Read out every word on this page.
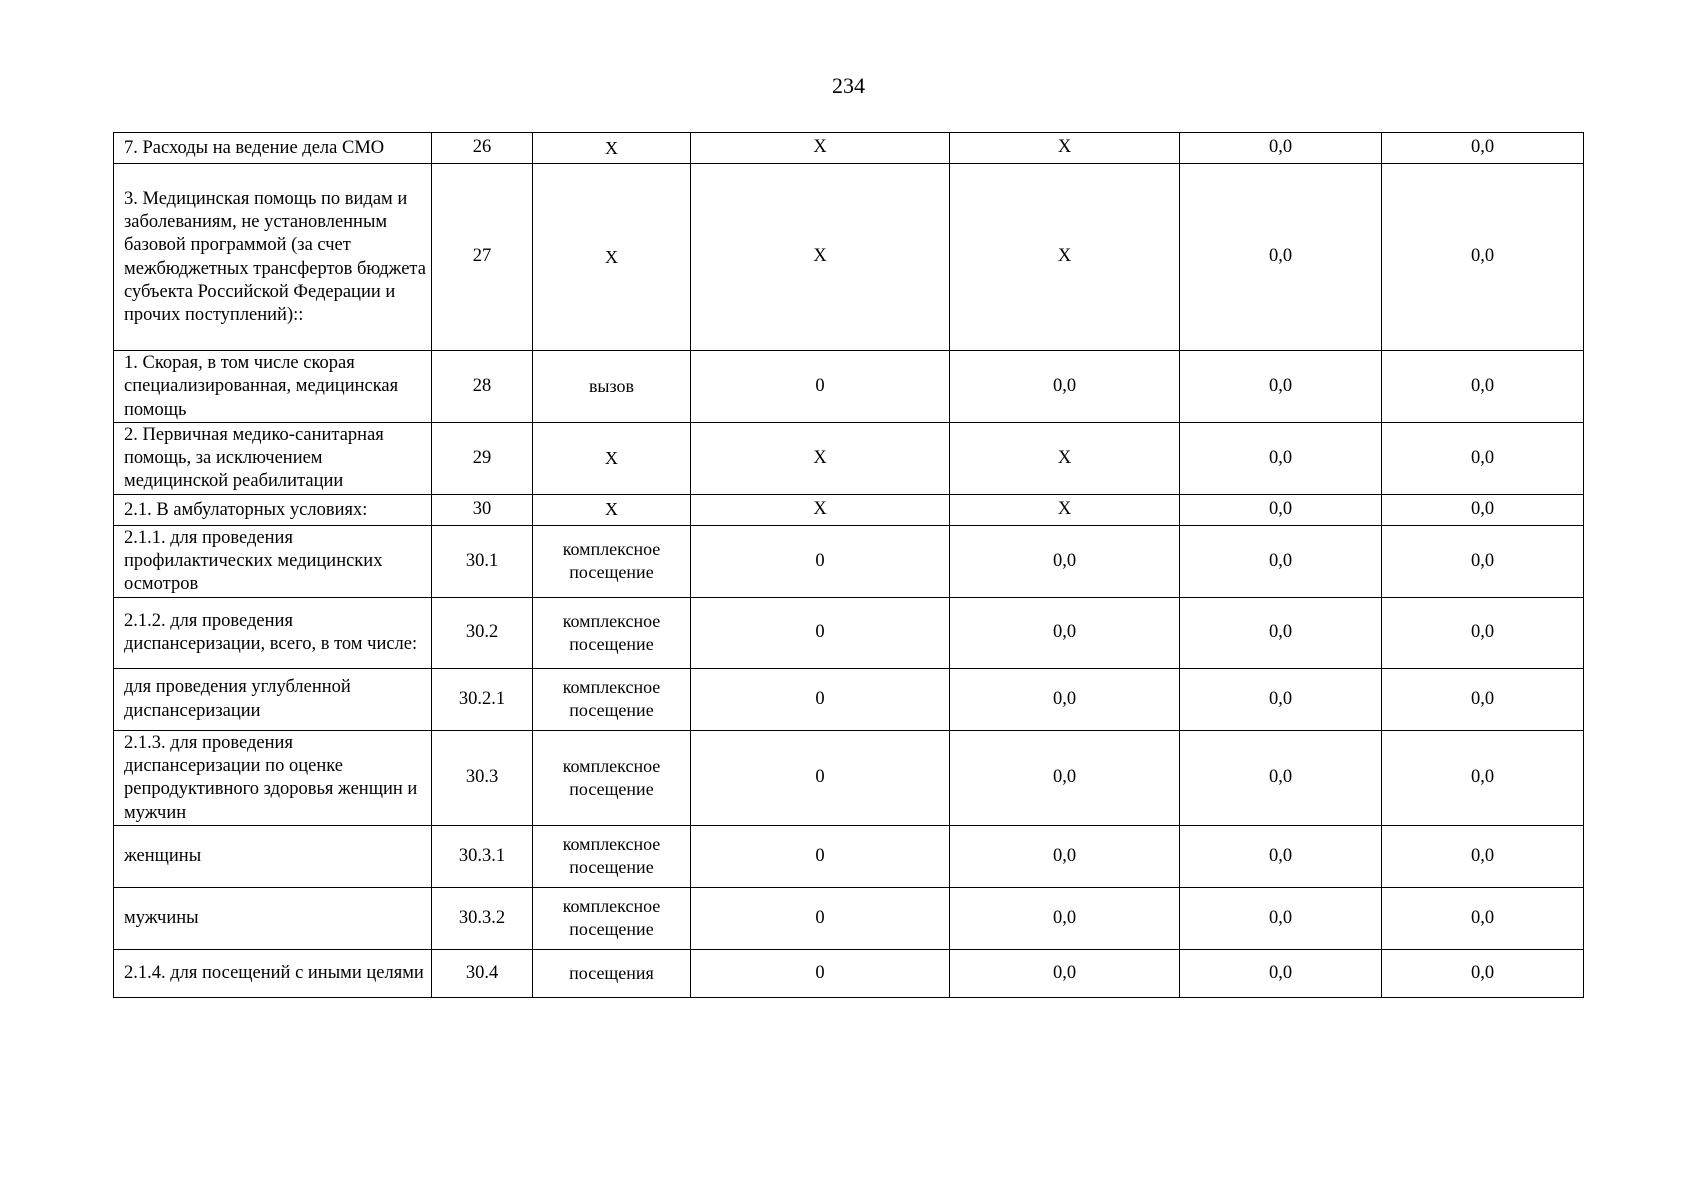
234
7. Расходы на ведение дела СМО	26	X	X	X	0,0	0,0
3. Медицинская помощь по видам и заболеваниям, не установленным базовой программой (за счет межбюджетных трансфертов бюджета субъекта Российской Федерации и прочих поступлений)::	27	X	X	X	0,0	0,0
1. Скорая, в том числе скорая специализированная, медицинская помощь	28	вызов	0	0,0	0,0	0,0
2. Первичная медико-санитарная помощь, за исключением медицинской реабилитации	29	X	X	X	0,0	0,0
2.1. В амбулаторных условиях:	30	X	X	X	0,0	0,0
2.1.1. для проведения профилактических медицинских осмотров	30.1	комплексное посещение	0	0,0	0,0	0,0
2.1.2. для проведения диспансеризации, всего, в том числе:	30.2	комплексное посещение	0	0,0	0,0	0,0
для проведения углубленной диспансеризации	30.2.1	комплексное посещение	0	0,0	0,0	0,0
2.1.3. для проведения диспансеризации по оценке репродуктивного здоровья женщин и мужчин	30.3	комплексное посещение	0	0,0	0,0	0,0
женщины	30.3.1	комплексное посещение	0	0,0	0,0	0,0
мужчины	30.3.2	комплексное посещение	0	0,0	0,0	0,0
2.1.4. для посещений с иными целями	30.4	посещения	0	0,0	0,0	0,0
